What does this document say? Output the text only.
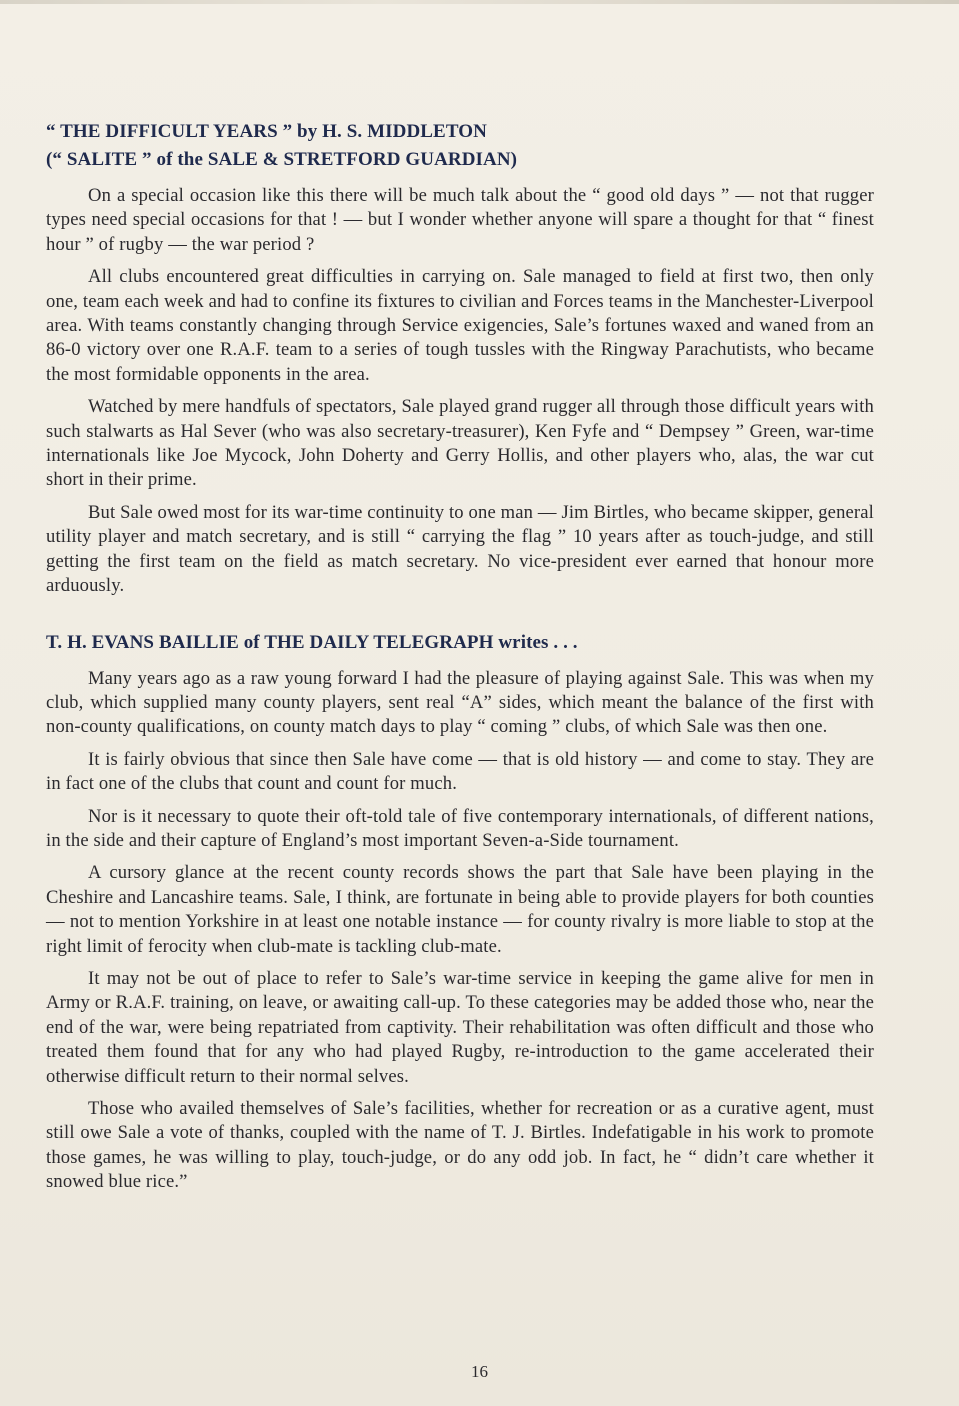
“ THE DIFFICULT YEARS ” by H. S. MIDDLETON
(“ SALITE ” of the SALE & STRETFORD GUARDIAN)

On a special occasion like this there will be much talk about the “ good old days ” — not that rugger types need special occasions for that ! — but I wonder whether anyone will spare a thought for that “ finest hour ” of rugby — the war period ?

All clubs encountered great difficulties in carrying on. Sale managed to field at first two, then only one, team each week and had to confine its fixtures to civilian and Forces teams in the Manchester-Liverpool area. With teams constantly changing through Service exigencies, Sale’s fortunes waxed and waned from an 86-0 victory over one R.A.F. team to a series of tough tussles with the Ringway Parachutists, who became the most formidable opponents in the area.

Watched by mere handfuls of spectators, Sale played grand rugger all through those difficult years with such stalwarts as Hal Sever (who was also secretary-treasurer), Ken Fyfe and “ Dempsey ” Green, war-time internationals like Joe Mycock, John Doherty and Gerry Hollis, and other players who, alas, the war cut short in their prime.

But Sale owed most for its war-time continuity to one man — Jim Birtles, who became skipper, general utility player and match secretary, and is still “ carrying the flag ” 10 years after as touch-judge, and still getting the first team on the field as match secretary. No vice-president ever earned that honour more arduously.

T. H. EVANS BAILLIE of THE DAILY TELEGRAPH writes . . .

Many years ago as a raw young forward I had the pleasure of playing against Sale. This was when my club, which supplied many county players, sent real “A” sides, which meant the balance of the first with non-county qualifications, on county match days to play “ coming ” clubs, of which Sale was then one.

It is fairly obvious that since then Sale have come — that is old history — and come to stay. They are in fact one of the clubs that count and count for much.

Nor is it necessary to quote their oft-told tale of five contemporary internationals, of different nations, in the side and their capture of England’s most important Seven-a-Side tournament.

A cursory glance at the recent county records shows the part that Sale have been playing in the Cheshire and Lancashire teams. Sale, I think, are fortunate in being able to provide players for both counties — not to mention Yorkshire in at least one notable instance — for county rivalry is more liable to stop at the right limit of ferocity when club-mate is tackling club-mate.

It may not be out of place to refer to Sale’s war-time service in keeping the game alive for men in Army or R.A.F. training, on leave, or awaiting call-up. To these categories may be added those who, near the end of the war, were being repatriated from captivity. Their rehabilitation was often difficult and those who treated them found that for any who had played Rugby, re-introduction to the game accelerated their otherwise difficult return to their normal selves.

Those who availed themselves of Sale’s facilities, whether for recreation or as a curative agent, must still owe Sale a vote of thanks, coupled with the name of T. J. Birtles. Indefatigable in his work to promote those games, he was willing to play, touch-judge, or do any odd job. In fact, he “ didn’t care whether it snowed blue rice.”

16
